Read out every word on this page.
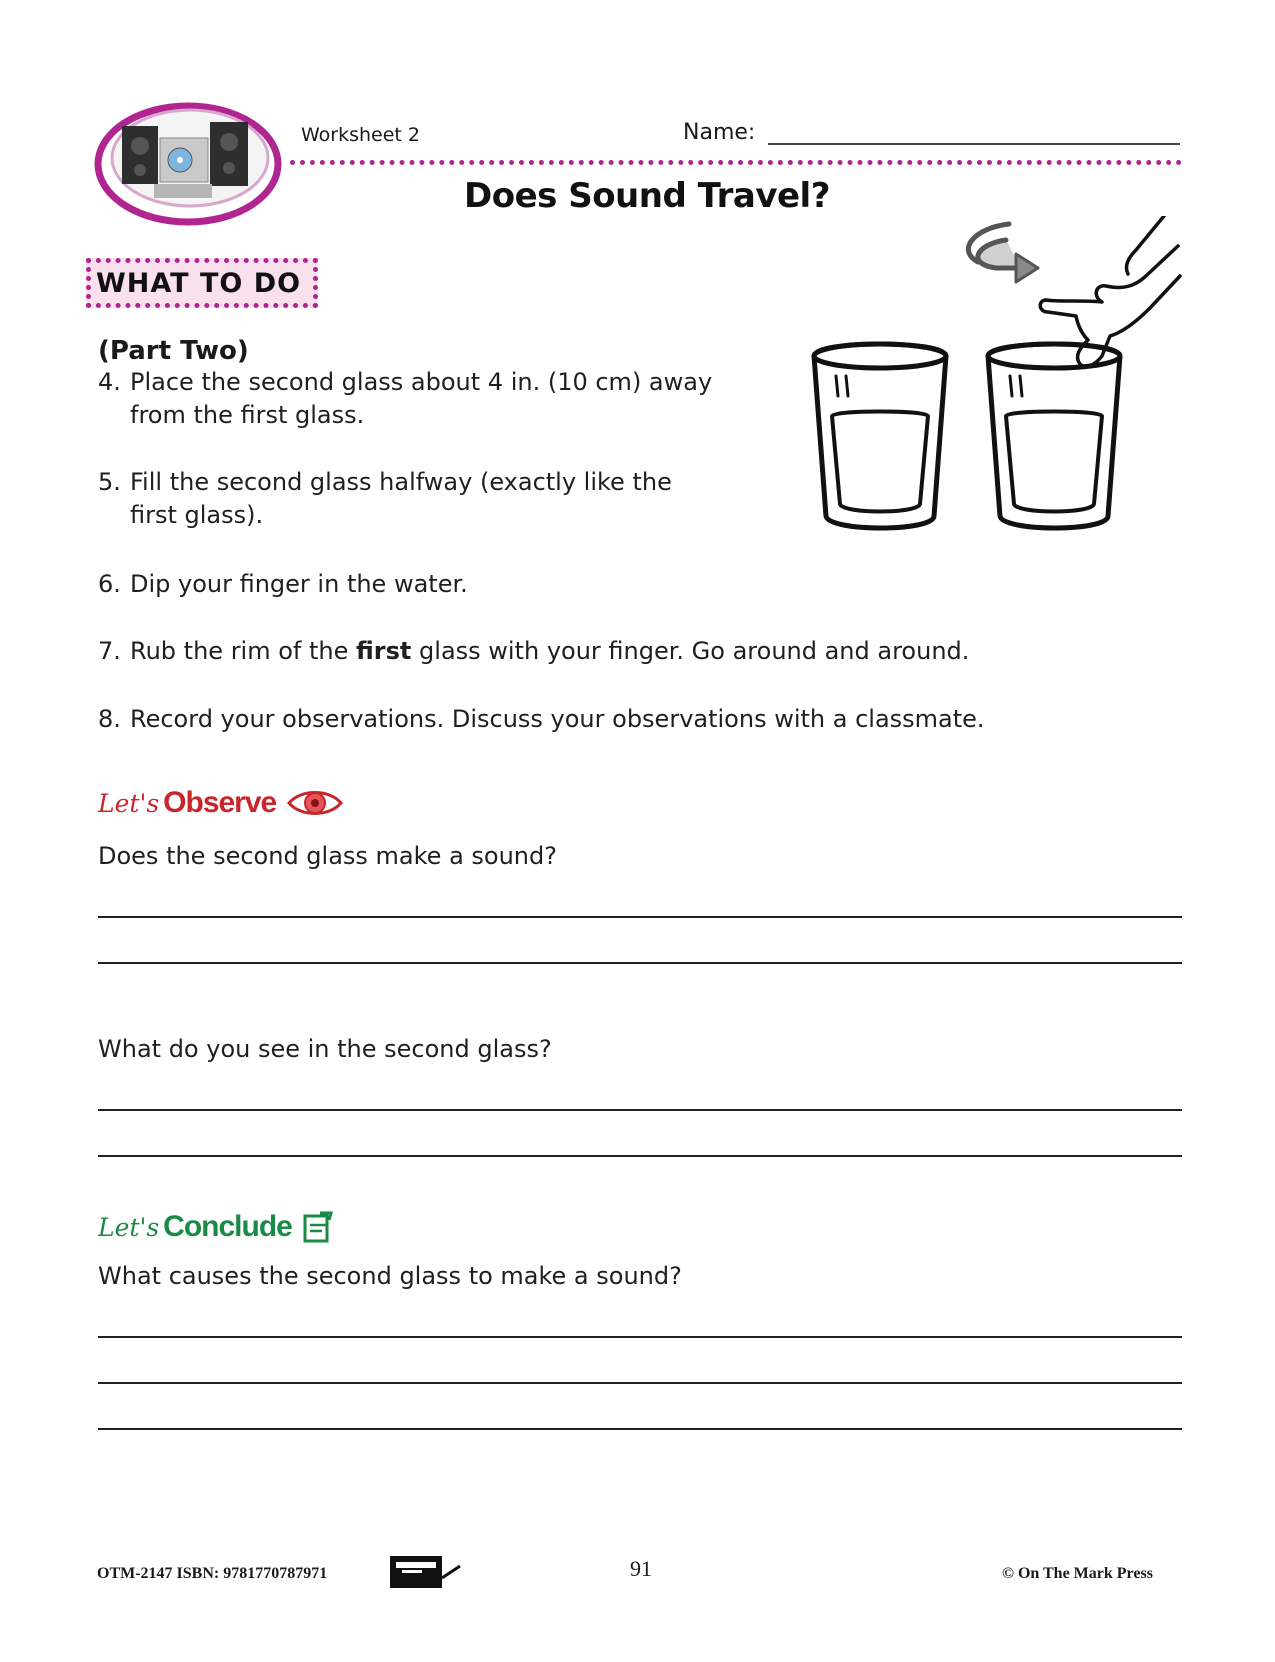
Worksheet 2	Name:
Does Sound Travel?
WHAT TO DO
(Part Two)
4. Place the second glass about 4 in. (10 cm) away
from the first glass.
5. Fill the second glass halfway (exactly like the
first glass).
6. Dip your finger in the water.
7. Rub the rim of the first glass with your finger. Go around and around.
8. Record your observations. Discuss your observations with a classmate.
Let's Observe
Does the second glass make a sound?
What do you see in the second glass?
Let's Conclude
What causes the second glass to make a sound?
OTM-2147 ISBN: 9781770787971	91	© On The Mark Press
